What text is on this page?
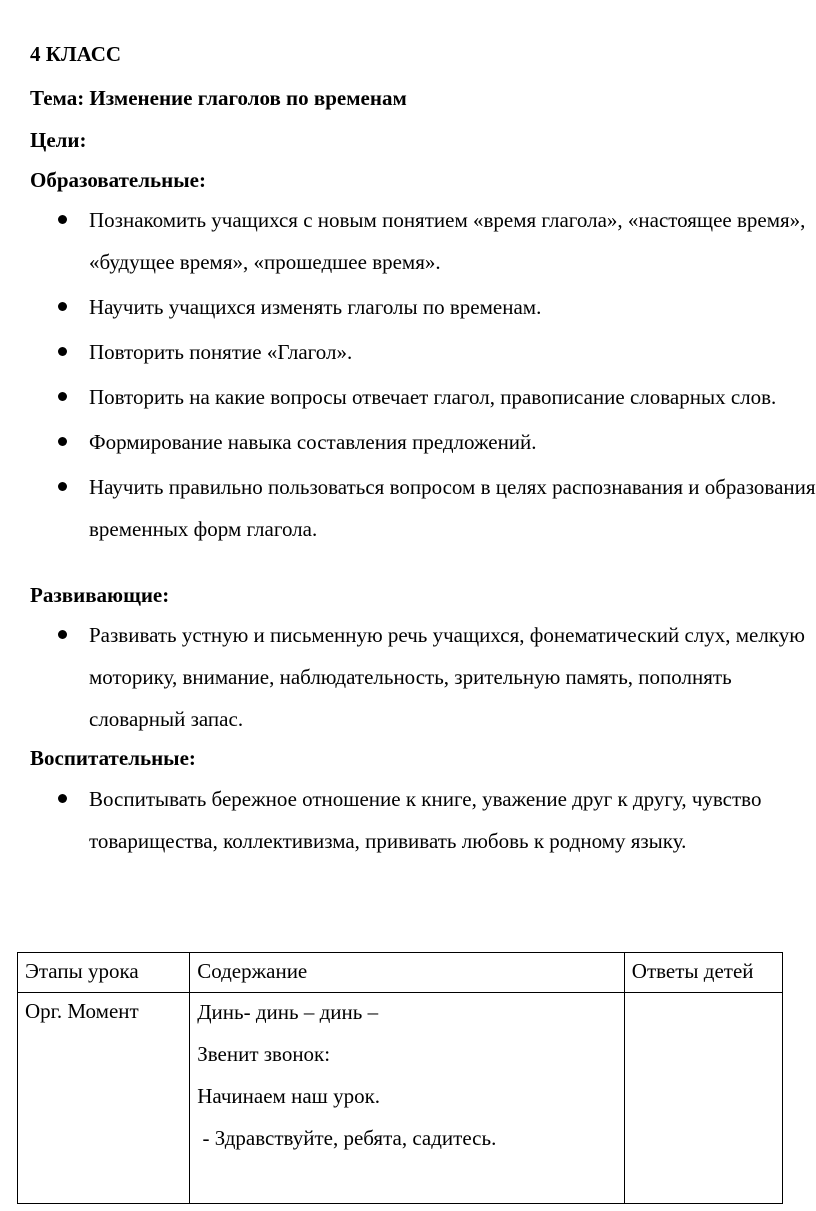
4 КЛАСС

Тема: Изменение глаголов по временам

Цели:

Образовательные:

Познакомить учащихся с новым понятием «время глагола», «настоящее время», «будущее время», «прошедшее время».
Научить учащихся изменять глаголы по временам.
Повторить понятие «Глагол».
Повторить на какие вопросы отвечает глагол, правописание словарных слов.
Формирование навыка составления предложений.
Научить правильно пользоваться вопросом в целях распознавания и образования временных форм глагола.

Развивающие:

Развивать устную и письменную речь учащихся, фонематический слух, мелкую моторику, внимание, наблюдательность, зрительную память, пополнять словарный запас.

Воспитательные:

Воспитывать бережное отношение к книге, уважение друг к другу, чувство товарищества, коллективизма, прививать любовь к родному языку.
Этапы урока	Содержание	Ответы детей
Орг. Момент	Динь- динь – динь –
Звенит звонок:
Начинаем наш урок.
- Здравствуйте, ребята, садитесь.	
